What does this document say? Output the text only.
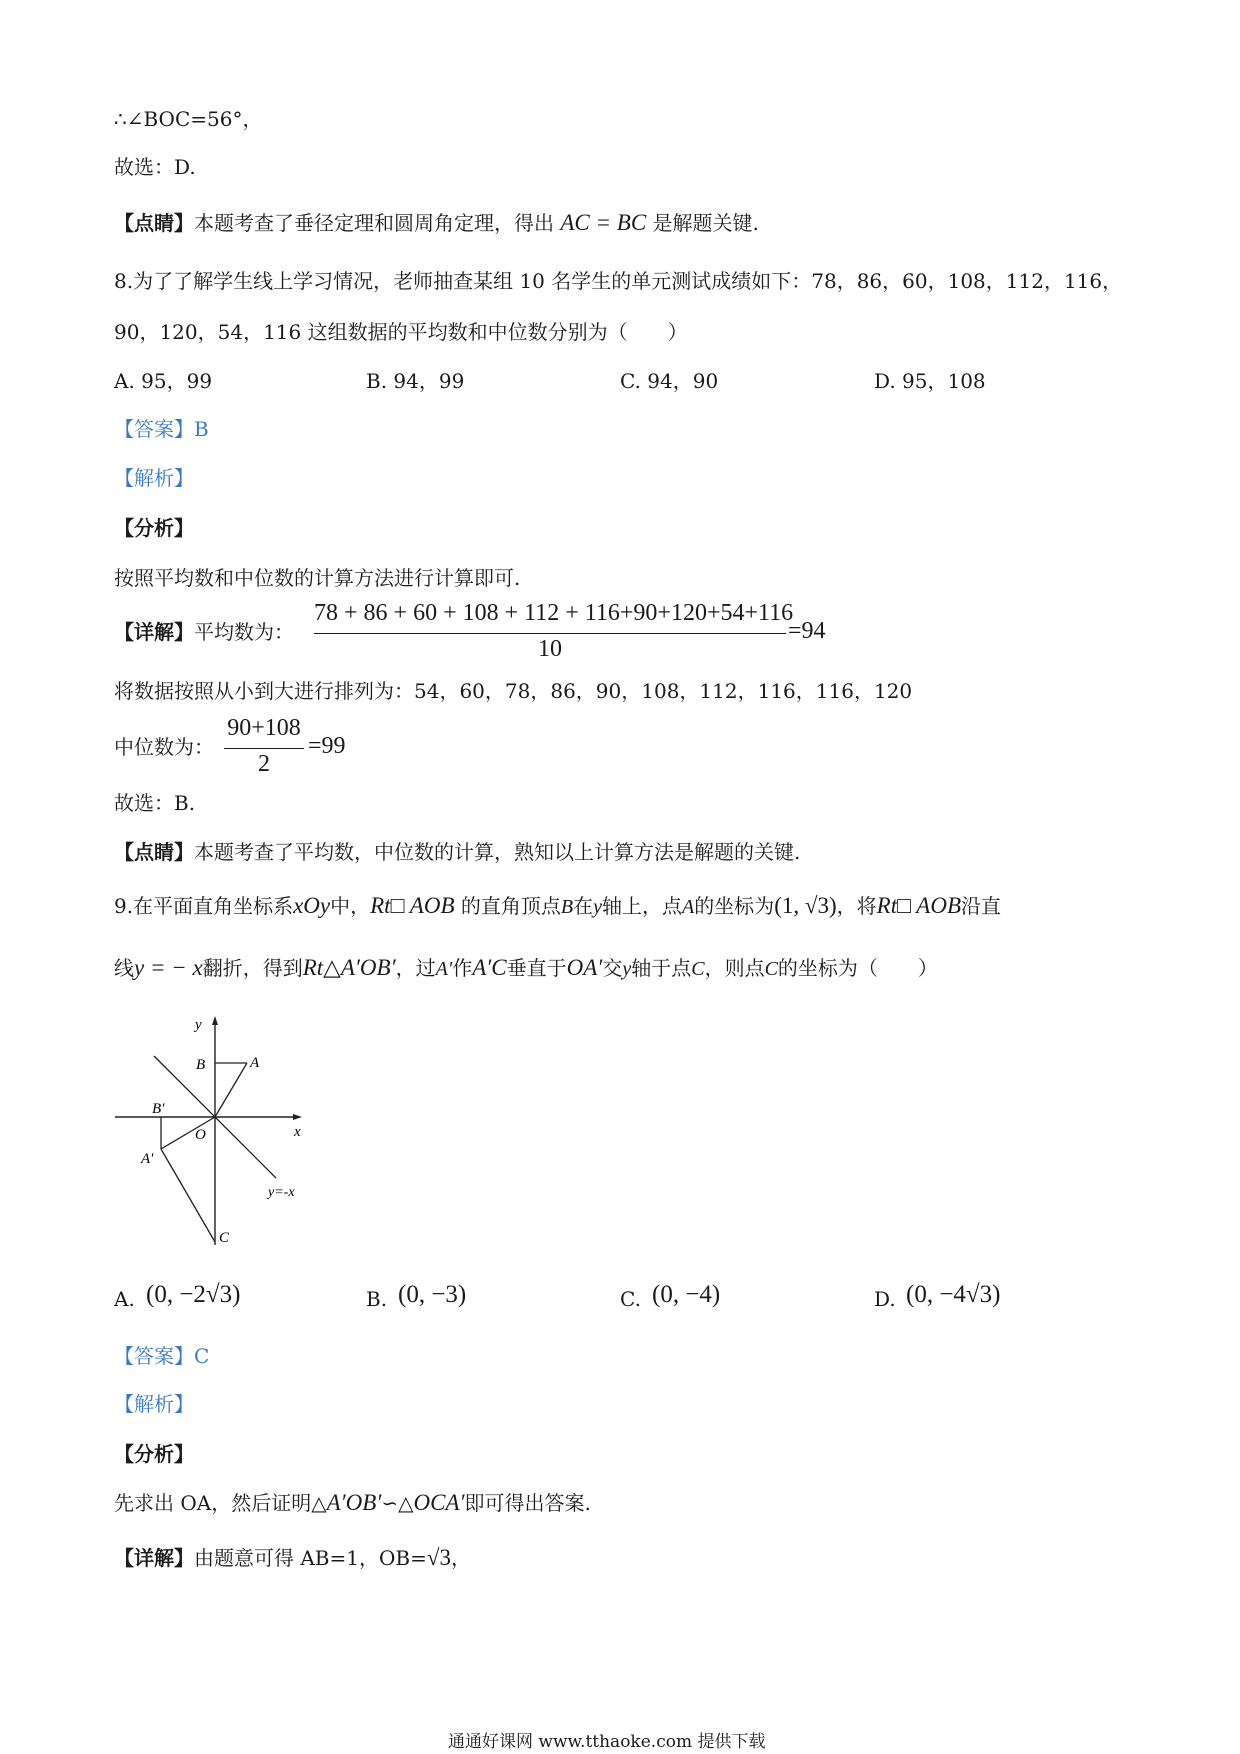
∴∠BOC=56°，
故选：D.
【点睛】本题考查了垂径定理和圆周角定理，得出 AC = BC 是解题关键.
8.为了了解学生线上学习情况，老师抽查某组 10 名学生的单元测试成绩如下：78，86，60，108，112，116，
90，120，54，116 这组数据的平均数和中位数分别为（　　）
A. 95，99	B. 94，99	C. 94，90	D. 95，108
【答案】B
【解析】
【分析】
按照平均数和中位数的计算方法进行计算即可.
【详解】平均数为：
78 + 86 + 60 + 108 + 112 + 116+90+120+54+116
10
=94
将数据按照从小到大进行排列为：54，60，78，86，90，108，112，116，116，120
中位数为：
90+108
2
=99
故选：B.
【点睛】本题考查了平均数，中位数的计算，熟知以上计算方法是解题的关键.
9.在平面直角坐标系xOy中，Rt□ AOB 的直角顶点B在y轴上，点A的坐标为(1, √3)，将Rt□ AOB沿直
线y = − x翻折，得到Rt△A′OB′，过A′作A′C垂直于OA′交y轴于点C，则点C的坐标为（　　）
y
x
B	A
B′
O
A′
y=-x
C
A. (0, −2√3)	B. (0, −3)	C. (0, −4)	D. (0, −4√3)
【答案】C
【解析】
【分析】
先求出 OA，然后证明△A′OB′∽△OCA′即可得出答案.
【详解】由题意可得 AB=1，OB=√3，
通通好课网 www.tthaoke.com 提供下载
